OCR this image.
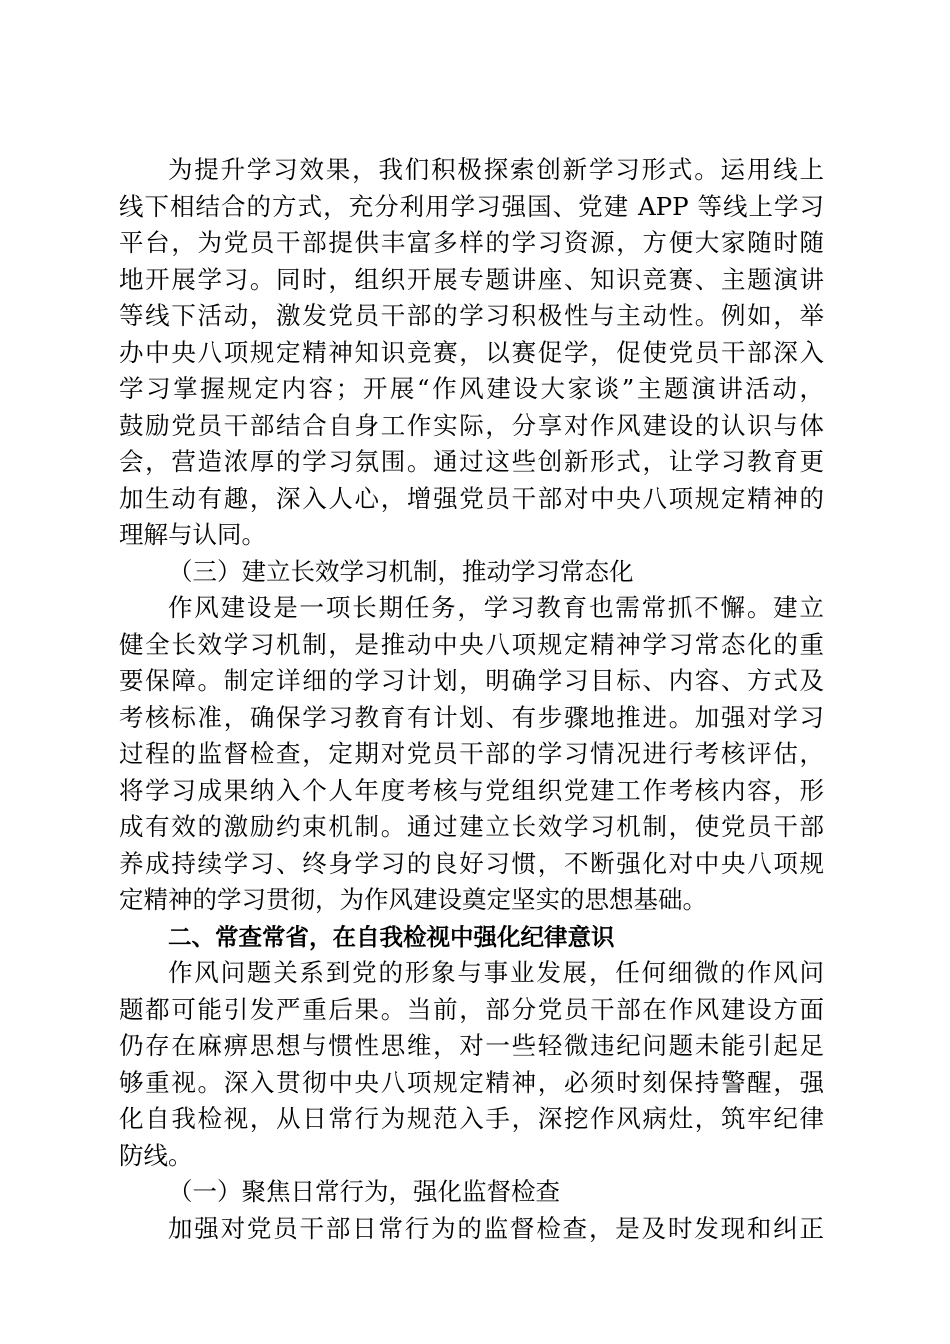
为提升学习效果，我们积极探索创新学习形式。运用线上
线下相结合的方式，充分利用学习强国、党建 APP 等线上学习
平台，为党员干部提供丰富多样的学习资源，方便大家随时随
地开展学习。同时，组织开展专题讲座、知识竞赛、主题演讲
等线下活动，激发党员干部的学习积极性与主动性。例如，举
办中央八项规定精神知识竞赛，以赛促学，促使党员干部深入
学习掌握规定内容；开展“作风建设大家谈”主题演讲活动，
鼓励党员干部结合自身工作实际，分享对作风建设的认识与体
会，营造浓厚的学习氛围。通过这些创新形式，让学习教育更
加生动有趣，深入人心，增强党员干部对中央八项规定精神的
理解与认同。
（三）建立长效学习机制，推动学习常态化
作风建设是一项长期任务，学习教育也需常抓不懈。建立
健全长效学习机制，是推动中央八项规定精神学习常态化的重
要保障。制定详细的学习计划，明确学习目标、内容、方式及
考核标准，确保学习教育有计划、有步骤地推进。加强对学习
过程的监督检查，定期对党员干部的学习情况进行考核评估，
将学习成果纳入个人年度考核与党组织党建工作考核内容，形
成有效的激励约束机制。通过建立长效学习机制，使党员干部
养成持续学习、终身学习的良好习惯，不断强化对中央八项规
定精神的学习贯彻，为作风建设奠定坚实的思想基础。
二、常查常省，在自我检视中强化纪律意识
作风问题关系到党的形象与事业发展，任何细微的作风问
题都可能引发严重后果。当前，部分党员干部在作风建设方面
仍存在麻痹思想与惯性思维，对一些轻微违纪问题未能引起足
够重视。深入贯彻中央八项规定精神，必须时刻保持警醒，强
化自我检视，从日常行为规范入手，深挖作风病灶，筑牢纪律
防线。
（一）聚焦日常行为，强化监督检查
加强对党员干部日常行为的监督检查，是及时发现和纠正
